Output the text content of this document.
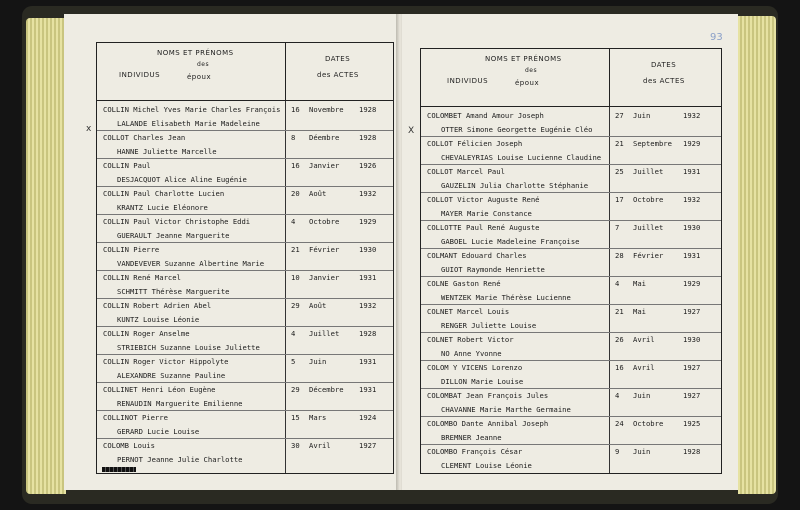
NOMS ET PRÉNOMS
des
INDIVIDUS	époux
DATES
des ACTES
COLLIN Michel Yves Marie Charles François
LALANDE Elisabeth Marie Madeleine
16 Novembre 1928
COLLOT Charles Jean
HANNE Juliette Marcelle
8 Déembre	1928
COLLIN Paul
DESJACQUOT Alice Aline Eugénie
16 Janvier	1926
COLLIN Paul Charlotte Lucien
KRANTZ Lucie Eléonore
20 Août	1932
COLLIN Paul Victor Christophe Eddi
GUERAULT Jeanne Marguerite
4 Octobre	1929
COLLIN Pierre
VANDEVEVER Suzanne Albertine Marie
21 Février	1930
COLLIN René Marcel
SCHMITT Thérèse Marguerite
10 Janvier	1931
COLLIN Robert Adrien Abel
KUNTZ Louise Léonie
29 Août	1932
COLLIN Roger Anselme
STRIEBICH Suzanne Louise Juliette
4 Juillet	1928
COLLIN Roger Victor Hippolyte
ALEXANDRE Suzanne Pauline
5 Juin	1931
COLLINET Henri Léon Eugène
RENAUDIN Marguerite Emilienne
29 Décembre 1931
COLLINOT Pierre
GERARD Lucie Louise
15 Mars	1924
COLOMB Louis
PERNOT Jeanne Julie Charlotte
30 Avril	1927
x
NOMS ET PRÉNOMS
des
INDIVIDUS	époux
DATES
des ACTES
COLOMBET Amand Amour Joseph
OTTER Simone Georgette Eugénie Cléo
27 Juin	1932
COLLOT Félicien Joseph
CHEVALEYRIAS Louise Lucienne Claudine
21 Septembre 1929
COLLOT Marcel Paul
GAUZELIN Julia Charlotte Stéphanie
25 Juillet	1931
COLLOT Victor Auguste René
MAYER Marie Constance
17 Octobre	1932
COLLOTTE Paul René Auguste
GABOEL Lucie Madeleine Françoise
7 Juillet	1930
COLMANT Edouard Charles
GUIOT Raymonde Henriette
28 Février	1931
COLNE Gaston René
WENTZEK Marie Thérèse Lucienne
4 Mai	1929
COLNET Marcel Louis
RENGER Juliette Louise
21 Mai	1927
COLNET Robert Victor
NO Anne Yvonne
26 Avril	1930
COLOM Y VICENS Lorenzo
DILLON Marie Louise
16 Avril	1927
COLOMBAT Jean François Jules
CHAVANNE Marie Marthe Germaine
4 Juin	1927
COLOMBO Dante Annibal Joseph
BREMNER Jeanne
24 Octobre	1925
COLOMBO François César
CLEMENT Louise Léonie
9 Juin	1928
X
93
